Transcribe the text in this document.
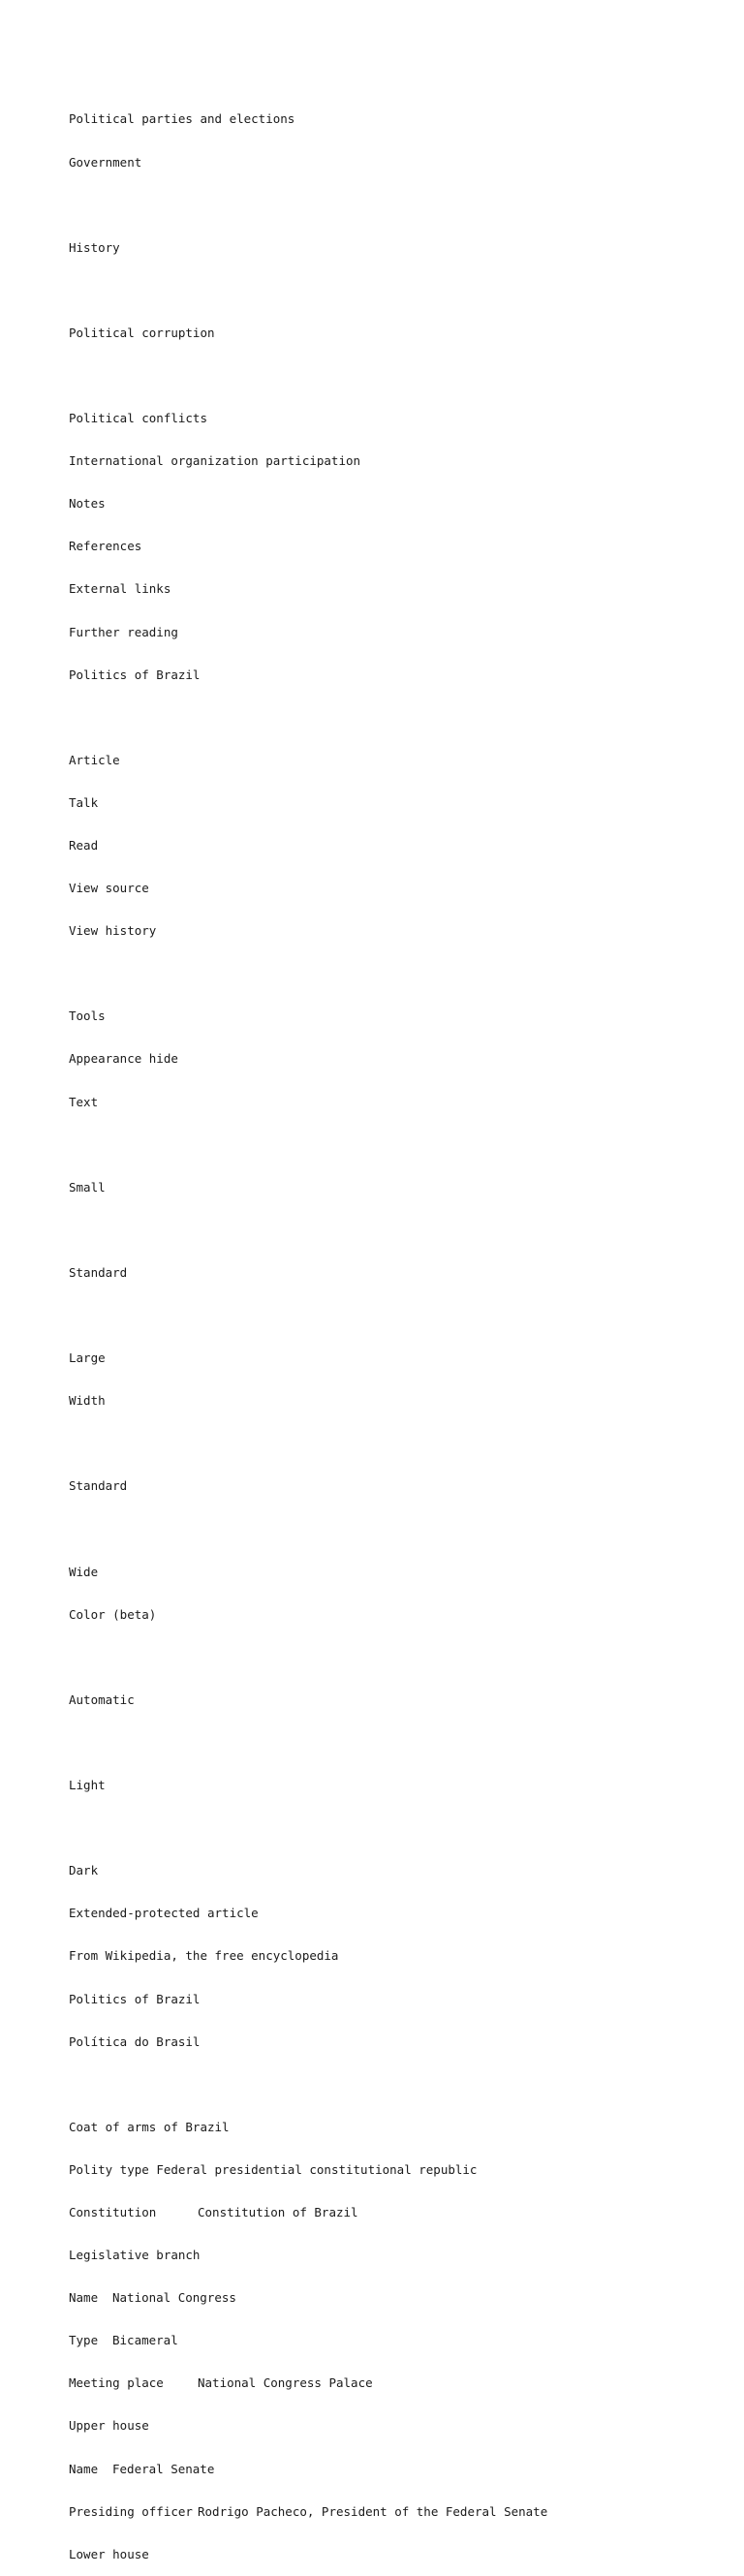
Political parties and elections

Government

History

Political corruption

Political conflicts

International organization participation

Notes

References

External links

Further reading

Politics of Brazil

Article

Talk

Read

View source

View history

Tools

Appearance hide

Text

Small

Standard

Large

Width

Standard

Wide

Color (beta)

Automatic

Light

Dark

Extended-protected article

From Wikipedia, the free encyclopedia

Politics of Brazil

Política do Brasil

Coat of arms of Brazil

Polity type Federal presidential constitutional republic

Constitution	Constitution of Brazil

Legislative branch

Name National Congress

Type Bicameral

Meeting place	National Congress Palace

Upper house

Name Federal Senate

Presiding officer Rodrigo Pacheco, President of the Federal Senate

Lower house
